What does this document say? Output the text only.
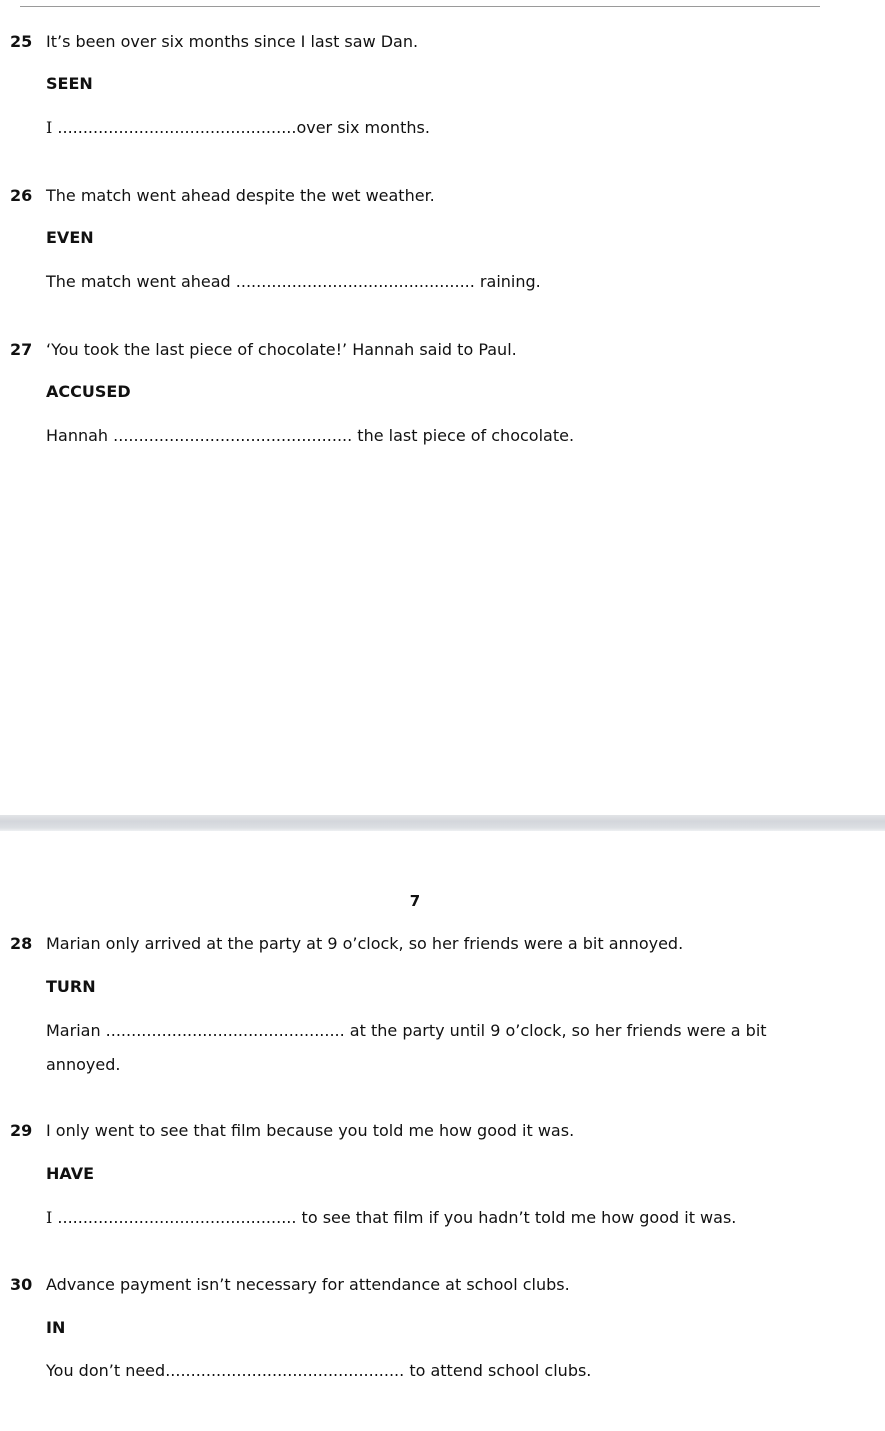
25 It’s been over six months since I last saw Dan.
SEEN
I ...............................................over six months.
26 The match went ahead despite the wet weather.
EVEN
The match went ahead ............................................... raining.
27 ‘You took the last piece of chocolate!’ Hannah said to Paul.
ACCUSED
Hannah ............................................... the last piece of chocolate.
7
28 Marian only arrived at the party at 9 o’clock, so her friends were a bit annoyed.
TURN
Marian ............................................... at the party until 9 o’clock, so her friends were a bit annoyed.
29 I only went to see that film because you told me how good it was.
HAVE
I ............................................... to see that film if you hadn’t told me how good it was.
30 Advance payment isn’t necessary for attendance at school clubs.
IN
You don’t need............................................... to attend school clubs.
